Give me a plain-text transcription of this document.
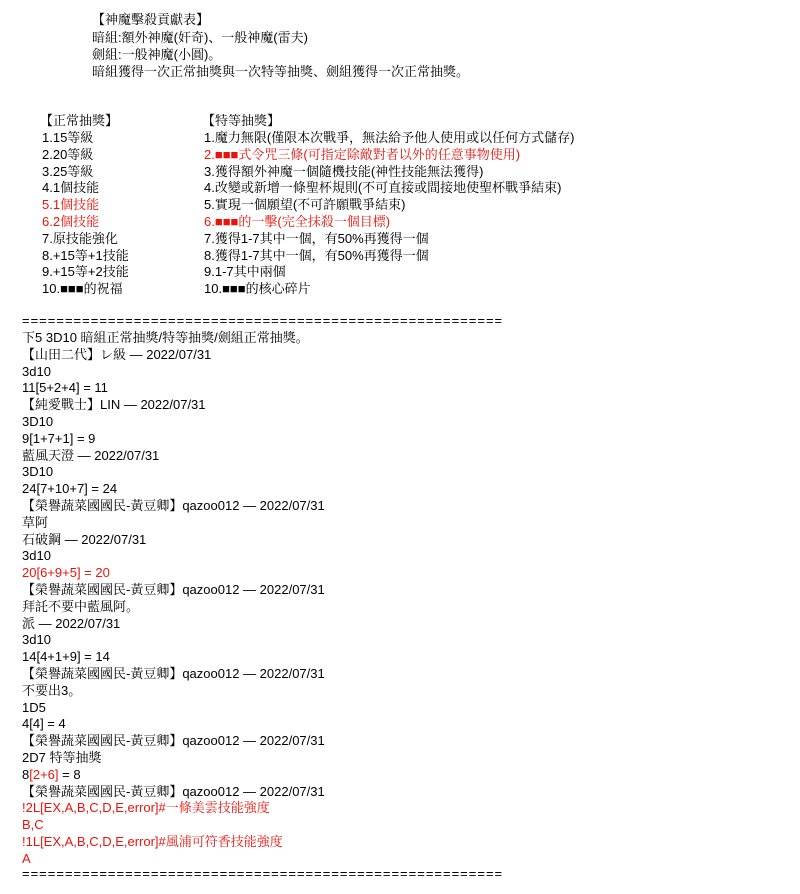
【神魔擊殺貢獻表】
暗組:額外神魔(奸奇)、一般神魔(雷夫)
劍組:一般神魔(小圓)。
暗組獲得一次正常抽獎與一次特等抽獎、劍組獲得一次正常抽獎。
【正常抽獎】
1.15等級
2.20等級
3.25等級
4.1個技能
5.1個技能
6.2個技能
7.原技能強化
8.+15等+1技能
9.+15等+2技能
10.■■■的祝福
【特等抽獎】
1.魔力無限(僅限本次戰爭，無法給予他人使用或以任何方式儲存)
2.■■■式令咒三條(可指定除敵對者以外的任意事物使用)
3.獲得額外神魔一個隨機技能(神性技能無法獲得)
4.改變或新增一條聖杯規則(不可直接或間接地使聖杯戰爭結束)
5.實現一個願望(不可許願戰爭結束)
6.■■■的一擊(完全抹殺一個目標)
7.獲得1-7其中一個，有50%再獲得一個
8.獲得1-7其中一個，有50%再獲得一個
9.1-7其中兩個
10.■■■的核心碎片
========================================================
下5 3D10 暗組正常抽獎/特等抽獎/劍組正常抽獎。
【山田二代】レ級 — 2022/07/31
3d10
11[5+2+4] = 11
【純愛戰士】LIN — 2022/07/31
3D10
9[1+7+1] = 9
藍風天澄 — 2022/07/31
3D10
24[7+10+7] = 24
【榮譽蔬菜國國民-黃豆卿】qazoo012 — 2022/07/31
草阿
石破鋼 — 2022/07/31
3d10
20[6+9+5] = 20
【榮譽蔬菜國國民-黃豆卿】qazoo012 — 2022/07/31
拜託不要中藍風阿。
派 — 2022/07/31
3d10
14[4+1+9] = 14
【榮譽蔬菜國國民-黃豆卿】qazoo012 — 2022/07/31
不要出3。
1D5
4[4] = 4
【榮譽蔬菜國國民-黃豆卿】qazoo012 — 2022/07/31
2D7 特等抽獎
8[2+6] = 8
【榮譽蔬菜國國民-黃豆卿】qazoo012 — 2022/07/31
!2L[EX,A,B,C,D,E,error]#一條美雲技能強度
B,C
!1L[EX,A,B,C,D,E,error]#風浦可符香技能強度
A
========================================================
